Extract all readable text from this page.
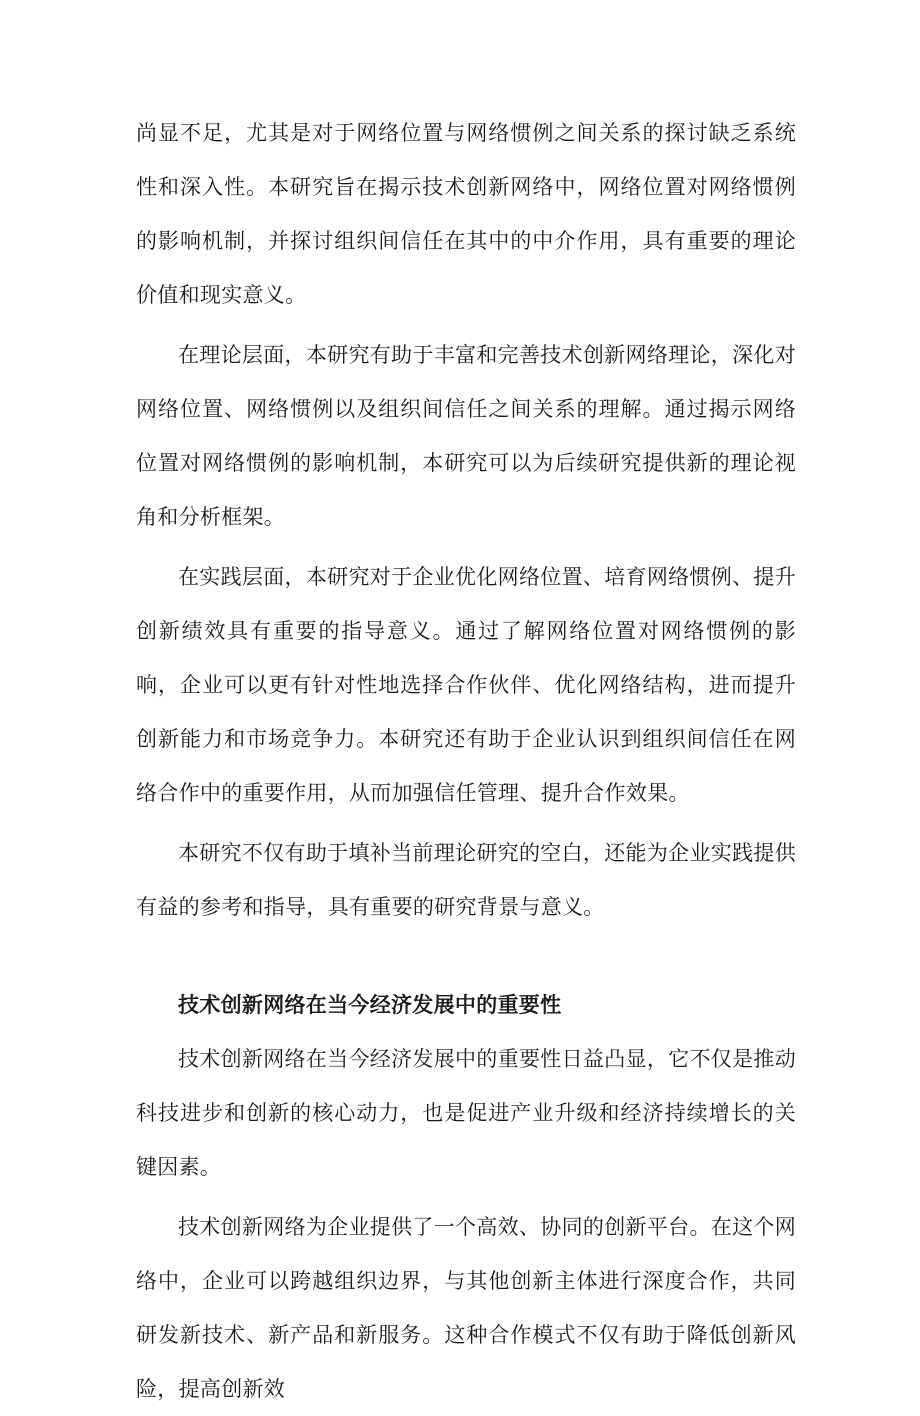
尚显不足，尤其是对于网络位置与网络惯例之间关系的探讨缺乏系统性和深入性。本研究旨在揭示技术创新网络中，网络位置对网络惯例的影响机制，并探讨组织间信任在其中的中介作用，具有重要的理论价值和现实意义。

在理论层面，本研究有助于丰富和完善技术创新网络理论，深化对网络位置、网络惯例以及组织间信任之间关系的理解。通过揭示网络位置对网络惯例的影响机制，本研究可以为后续研究提供新的理论视角和分析框架。

在实践层面，本研究对于企业优化网络位置、培育网络惯例、提升创新绩效具有重要的指导意义。通过了解网络位置对网络惯例的影响，企业可以更有针对性地选择合作伙伴、优化网络结构，进而提升创新能力和市场竞争力。本研究还有助于企业认识到组织间信任在网络合作中的重要作用，从而加强信任管理、提升合作效果。

本研究不仅有助于填补当前理论研究的空白，还能为企业实践提供有益的参考和指导，具有重要的研究背景与意义。

技术创新网络在当今经济发展中的重要性

技术创新网络在当今经济发展中的重要性日益凸显，它不仅是推动科技进步和创新的核心动力，也是促进产业升级和经济持续增长的关键因素。

技术创新网络为企业提供了一个高效、协同的创新平台。在这个网络中，企业可以跨越组织边界，与其他创新主体进行深度合作，共同研发新技术、新产品和新服务。这种合作模式不仅有助于降低创新风险，提高创新效
